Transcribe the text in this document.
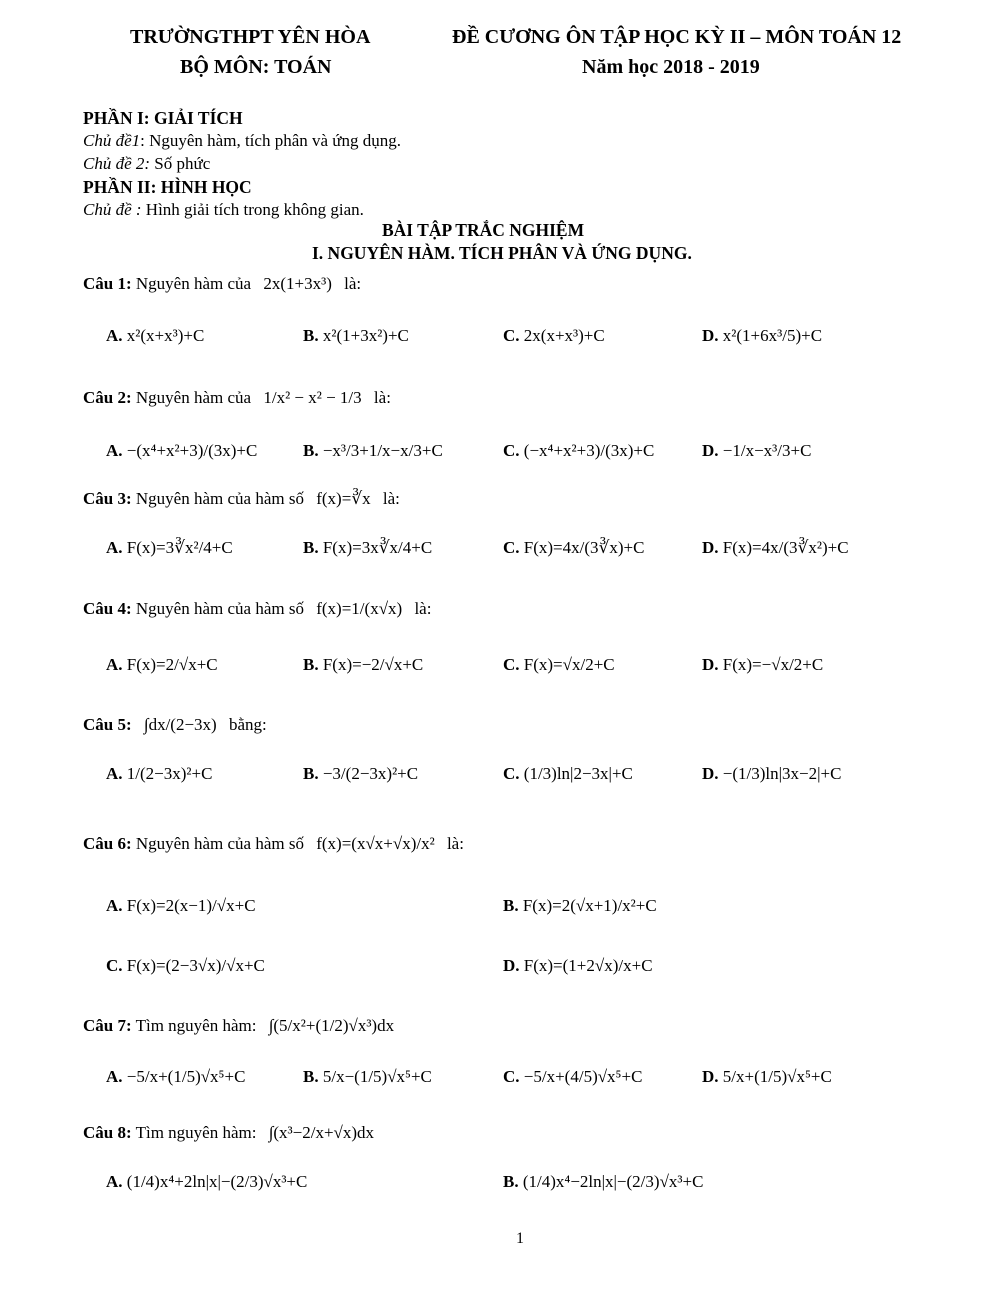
TRƯỜNGTHPT YÊN HÒA	ĐỀ CƯƠNG ÔN TẬP HỌC KỲ II – MÔN TOÁN 12
BỘ MÔN: TOÁN	Năm học 2018 - 2019
PHẦN I: GIẢI TÍCH
Chủ đề1: Nguyên hàm, tích phân và ứng dụng.
Chủ đề 2: Số phức
PHẦN II: HÌNH HỌC
Chủ đề : Hình giải tích trong không gian.
BÀI TẬP TRẮC NGHIỆM
I. NGUYÊN HÀM. TÍCH PHÂN VÀ ỨNG DỤNG.
Câu 1: Nguyên hàm của 2x(1+3x³) là:
A. x²(x+x³)+C	B. x²(1+3x²)+C	C. 2x(x+x³)+C	D. x²(1+6x³/5)+C
Câu 2: Nguyên hàm của 1/x² − x² − 1/3 là:
A. −(x⁴+x²+3)/(3x)+C	B. −x³/3+1/x−x/3+C	C. (−x⁴+x²+3)/(3x)+C	D. −1/x−x³/3+C
Câu 3: Nguyên hàm của hàm số f(x)=∛x là:
A. F(x)=3∛x²/4+C	B. F(x)=3x∛x/4+C	C. F(x)=4x/(3∛x)+C	D. F(x)=4x/(3∛x²)+C
Câu 4: Nguyên hàm của hàm số f(x)=1/(x√x) là:
A. F(x)=2/√x+C	B. F(x)=−2/√x+C	C. F(x)=√x/2+C	D. F(x)=−√x/2+C
Câu 5: ∫dx/(2−3x) bằng:
A. 1/(2−3x)²+C	B. −3/(2−3x)²+C	C. (1/3)ln|2−3x|+C	D. −(1/3)ln|3x−2|+C
Câu 6: Nguyên hàm của hàm số f(x)=(x√x+√x)/x² là:
A. F(x)=2(x−1)/√x+C	B. F(x)=2(√x+1)/x²+C
C. F(x)=(2−3√x)/√x+C	D. F(x)=(1+2√x)/x+C
Câu 7: Tìm nguyên hàm: ∫(5/x²+(1/2)√x³)dx
A. −5/x+(1/5)√x⁵+C	B. 5/x−(1/5)√x⁵+C	C. −5/x+(4/5)√x⁵+C	D. 5/x+(1/5)√x⁵+C
Câu 8: Tìm nguyên hàm: ∫(x³−2/x+√x)dx
A. (1/4)x⁴+2ln|x|−(2/3)√x³+C	B. (1/4)x⁴−2ln|x|−(2/3)√x³+C
1
